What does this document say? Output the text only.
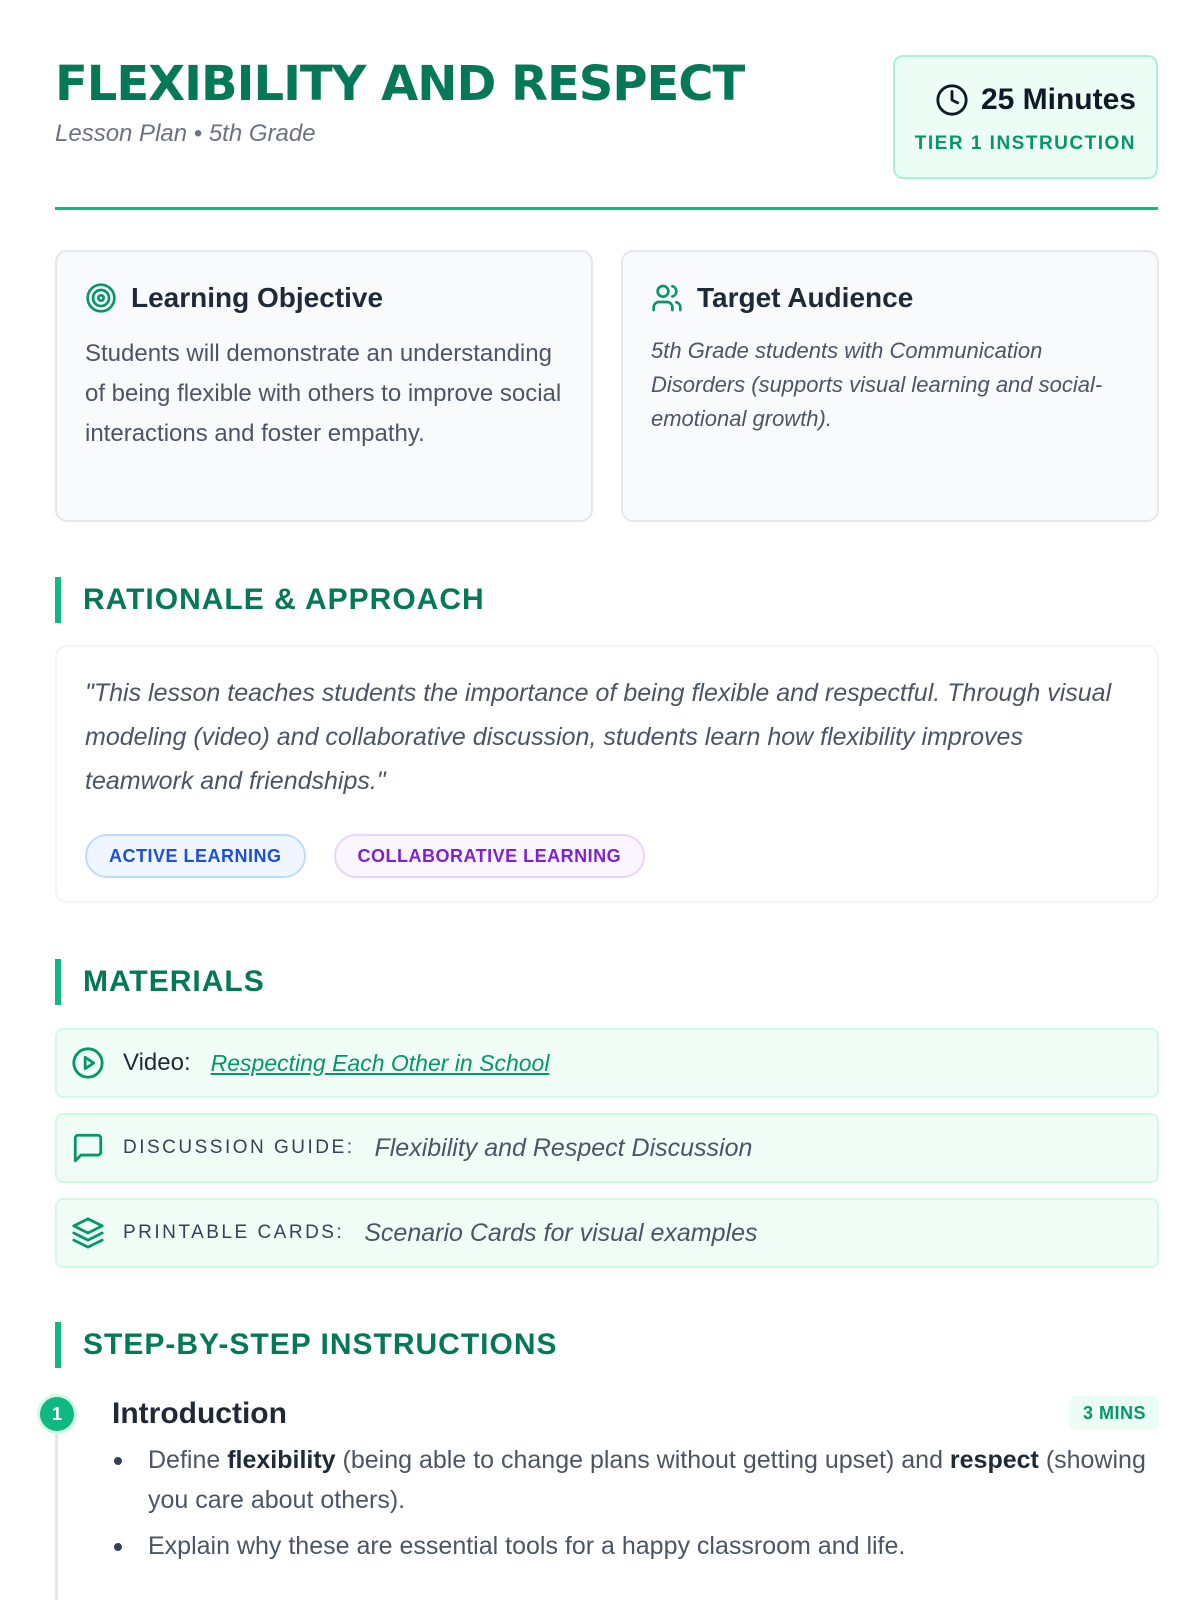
FLEXIBILITY AND RESPECT
Lesson Plan • 5th Grade
25 Minutes
TIER 1 INSTRUCTION
Learning Objective
Students will demonstrate an understanding of being flexible with others to improve social interactions and foster empathy.
Target Audience
5th Grade students with Communication Disorders (supports visual learning and social-emotional growth).
RATIONALE & APPROACH
"This lesson teaches students the importance of being flexible and respectful. Through visual modeling (video) and collaborative discussion, students learn how flexibility improves teamwork and friendships."
ACTIVE LEARNING	COLLABORATIVE LEARNING
MATERIALS
Video: Respecting Each Other in School
DISCUSSION GUIDE: Flexibility and Respect Discussion
PRINTABLE CARDS: Scenario Cards for visual examples
STEP-BY-STEP INSTRUCTIONS
1	Introduction	3 MINS
Define flexibility (being able to change plans without getting upset) and respect (showing you care about others).
Explain why these are essential tools for a happy classroom and life.
